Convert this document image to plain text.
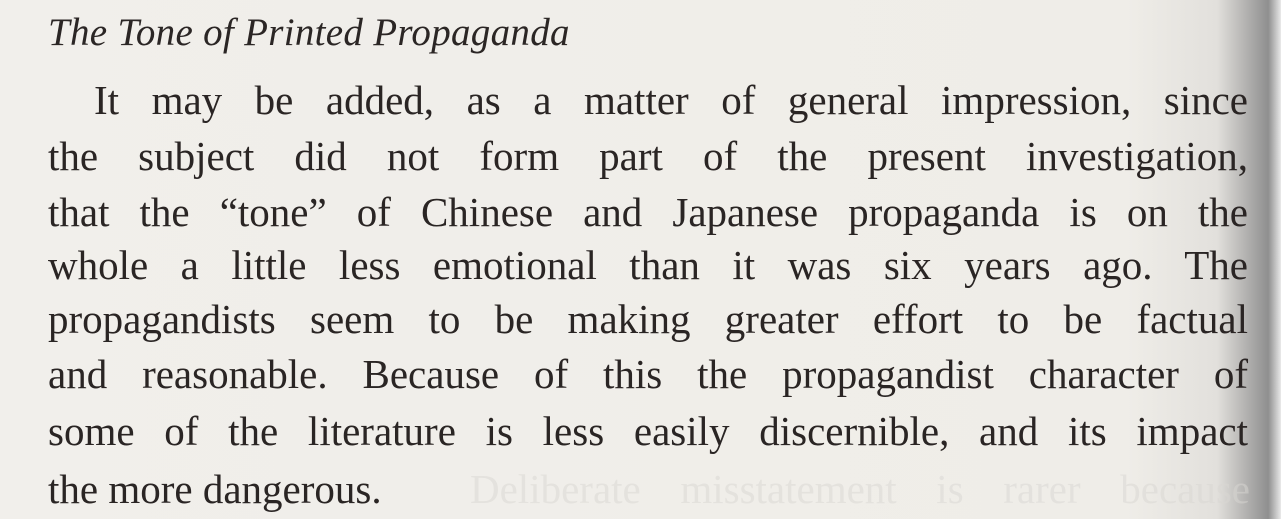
The Tone of Printed Propaganda

It may be added, as a matter of general impression, since

the subject did not form part of the present investigation,

that the “tone” of Chinese and Japanese propaganda is on the

whole a little less emotional than it was six years ago. The

propagandists seem to be making greater effort to be factual

and reasonable. Because of this the propagandist character of

some of the literature is less easily discernible, and its impact

the more dangerous. Deliberate misstatement is rarer because
